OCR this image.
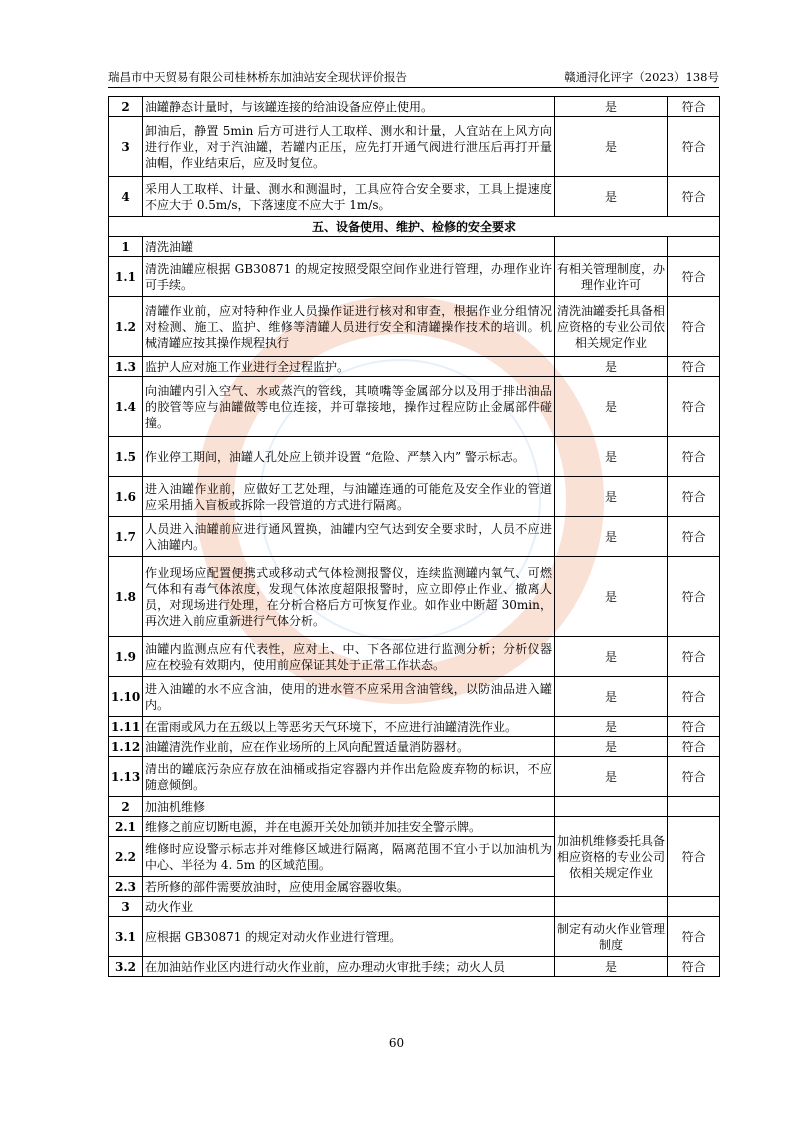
瑞昌市中天贸易有限公司桂林桥东加油站安全现状评价报告	赣通浔化评字（2023）138号
2	油罐静态计量时，与该罐连接的给油设备应停止使用。	是	符合
3	卸油后，静置 5min 后方可进行人工取样、测水和计量，人宜站在上风方向进行作业，对于汽油罐，若罐内正压，应先打开通气阀进行泄压后再打开量油帽，作业结束后，应及时复位。	是	符合
4	采用人工取样、计量、测水和测温时，工具应符合安全要求，工具上提速度不应大于 0.5m/s，下落速度不应大于 1m/s。	是	符合
五、设备使用、维护、检修的安全要求			
1	清洗油罐		
1.1	清洗油罐应根据 GB30871 的规定按照受限空间作业进行管理，办理作业许可手续。	有相关管理制度，办理作业许可	符合
1.2	清罐作业前，应对特种作业人员操作证进行核对和审查，根据作业分组情况对检测、施工、监护、维修等清罐人员进行安全和清罐操作技术的培训。机械清罐应按其操作规程执行	清洗油罐委托具备相应资格的专业公司依相关规定作业	符合
1.3	监护人应对施工作业进行全过程监护。	是	符合
1.4	向油罐内引入空气、水或蒸汽的管线，其喷嘴等金属部分以及用于排出油品的胶管等应与油罐做等电位连接，并可靠接地，操作过程应防止金属部件碰撞。	是	符合
1.5	作业停工期间，油罐人孔处应上锁并设置 “危险、严禁入内” 警示标志。	是	符合
1.6	进入油罐作业前，应做好工艺处理，与油罐连通的可能危及安全作业的管道应采用插入盲板或拆除一段管道的方式进行隔离。	是	符合
1.7	人员进入油罐前应进行通风置换，油罐内空气达到安全要求时，人员不应进入油罐内。	是	符合
1.8	作业现场应配置便携式或移动式气体检测报警仪，连续监测罐内氧气、可燃气体和有毒气体浓度，发现气体浓度超限报警时，应立即停止作业、撤离人员，对现场进行处理，在分析合格后方可恢复作业。如作业中断超 30min，再次进入前应重新进行气体分析。	是	符合
1.9	油罐内监测点应有代表性，应对上、中、下各部位进行监测分析；分析仪器应在校验有效期内，使用前应保证其处于正常工作状态。	是	符合
1.10	进入油罐的水不应含油，使用的进水管不应采用含油管线，以防油品进入罐内。	是	符合
1.11	在雷雨或风力在五级以上等恶劣天气环境下，不应进行油罐清洗作业。	是	符合
1.12	油罐清洗作业前，应在作业场所的上风向配置适量消防器材。	是	符合
1.13	清出的罐底污杂应存放在油桶或指定容器内并作出危险废弃物的标识，不应随意倾倒。	是	符合
2	加油机维修		
2.1	维修之前应切断电源，并在电源开关处加锁并加挂安全警示牌。	加油机维修委托具备相应资格的专业公司依相关规定作业	符合
2.2	维修时应设警示标志并对维修区域进行隔离，隔离范围不宜小于以加油机为中心、半径为 4. 5m 的区域范围。		
2.3	若所修的部件需要放油时，应使用金属容器收集。		
3	动火作业		
3.1	应根据 GB30871 的规定对动火作业进行管理。	制定有动火作业管理制度	符合
3.2	在加油站作业区内进行动火作业前，应办理动火审批手续；动火人员	是	符合
60
